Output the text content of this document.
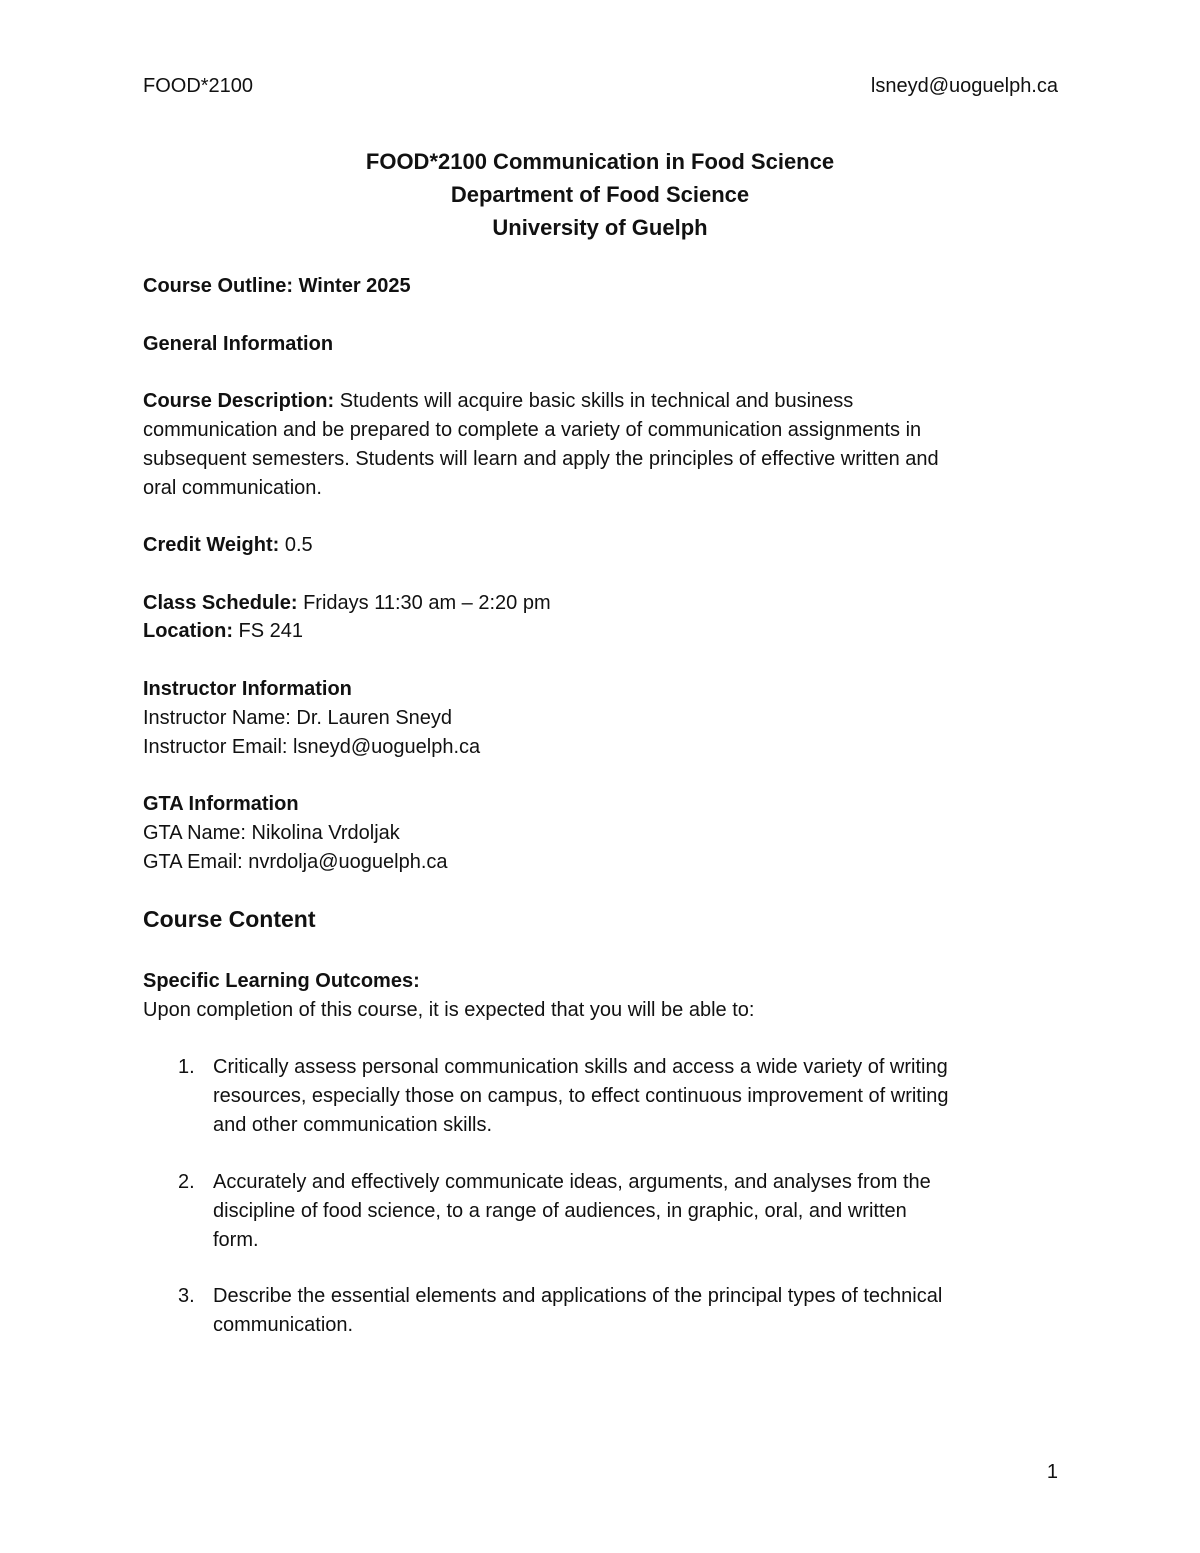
FOOD*2100	lsneyd@uoguelph.ca
FOOD*2100 Communication in Food Science
Department of Food Science
University of Guelph
Course Outline: Winter 2025
General Information
Course Description: Students will acquire basic skills in technical and business
communication and be prepared to complete a variety of communication assignments in
subsequent semesters. Students will learn and apply the principles of effective written and
oral communication.
Credit Weight: 0.5
Class Schedule: Fridays 11:30 am – 2:20 pm
Location: FS 241
Instructor Information
Instructor Name: Dr. Lauren Sneyd
Instructor Email: lsneyd@uoguelph.ca
GTA Information
GTA Name: Nikolina Vrdoljak
GTA Email: nvrdolja@uoguelph.ca
Course Content
Specific Learning Outcomes:
Upon completion of this course, it is expected that you will be able to:
1. Critically assess personal communication skills and access a wide variety of writing
resources, especially those on campus, to effect continuous improvement of writing
and other communication skills.
2. Accurately and effectively communicate ideas, arguments, and analyses from the
discipline of food science, to a range of audiences, in graphic, oral, and written
form.
3. Describe the essential elements and applications of the principal types of technical
communication.
1
